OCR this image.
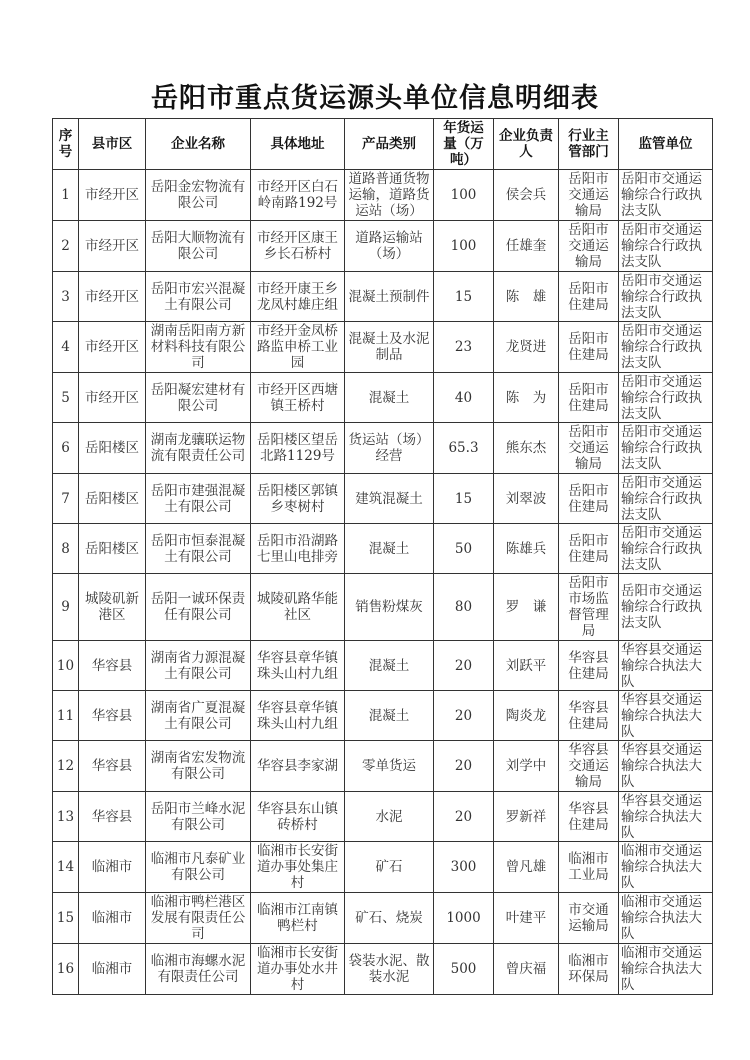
岳阳市重点货运源头单位信息明细表
序号	县市区	企业名称	具体地址	产品类别	年货运量（万吨）	企业负责人	行业主管部门	监管单位
1	市经开区	岳阳金宏物流有限公司	市经开区白石岭南路192号	道路普通货物运输，道路货运站（场）	100	侯会兵	岳阳市交通运输局	岳阳市交通运输综合行政执法支队
2	市经开区	岳阳大顺物流有限公司	市经开区康王乡长石桥村	道路运输站（场）	100	任雄奎	岳阳市交通运输局	岳阳市交通运输综合行政执法支队
3	市经开区	岳阳市宏兴混凝土有限公司	市经开康王乡龙凤村雄庄组	混凝土预制件	15	陈　雄	岳阳市住建局	岳阳市交通运输综合行政执法支队
4	市经开区	湖南岳阳南方新材料科技有限公司	市经开金凤桥路监申桥工业园	混凝土及水泥制品	23	龙贤进	岳阳市住建局	岳阳市交通运输综合行政执法支队
5	市经开区	岳阳凝宏建材有限公司	市经开区西塘镇王桥村	混凝土	40	陈　为	岳阳市住建局	岳阳市交通运输综合行政执法支队
6	岳阳楼区	湖南龙骧联运物流有限责任公司	岳阳楼区望岳北路1129号	货运站（场）经营	65.3	熊东杰	岳阳市交通运输局	岳阳市交通运输综合行政执法支队
7	岳阳楼区	岳阳市建强混凝土有限公司	岳阳楼区郭镇乡枣树村	建筑混凝土	15	刘翠波	岳阳市住建局	岳阳市交通运输综合行政执法支队
8	岳阳楼区	岳阳市恒泰混凝土有限公司	岳阳市沿湖路七里山电排旁	混凝土	50	陈雄兵	岳阳市住建局	岳阳市交通运输综合行政执法支队
9	城陵矶新港区	岳阳一诚环保责任有限公司	城陵矶路华能社区	销售粉煤灰	80	罗　谦	岳阳市市场监督管理局	岳阳市交通运输综合行政执法支队
10	华容县	湖南省力源混凝土有限公司	华容县章华镇珠头山村九组	混凝土	20	刘跃平	华容县住建局	华容县交通运输综合执法大队
11	华容县	湖南省广夏混凝土有限公司	华容县章华镇珠头山村九组	混凝土	20	陶炎龙	华容县住建局	华容县交通运输综合执法大队
12	华容县	湖南省宏发物流有限公司	华容县李家湖	零单货运	20	刘学中	华容县交通运输局	华容县交通运输综合执法大队
13	华容县	岳阳市兰峰水泥有限公司	华容县东山镇砖桥村	水泥	20	罗新祥	华容县住建局	华容县交通运输综合执法大队
14	临湘市	临湘市凡泰矿业有限公司	临湘市长安街道办事处集庄村	矿石	300	曾凡雄	临湘市工业局	临湘市交通运输综合执法大队
15	临湘市	临湘市鸭栏港区发展有限责任公司	临湘市江南镇鸭栏村	矿石、烧炭	1000	叶建平	市交通运输局	临湘市交通运输综合执法大队
16	临湘市	临湘市海螺水泥有限责任公司	临湘市长安街道办事处水井村	袋装水泥、散装水泥	500	曾庆福	临湘市环保局	临湘市交通运输综合执法大队
